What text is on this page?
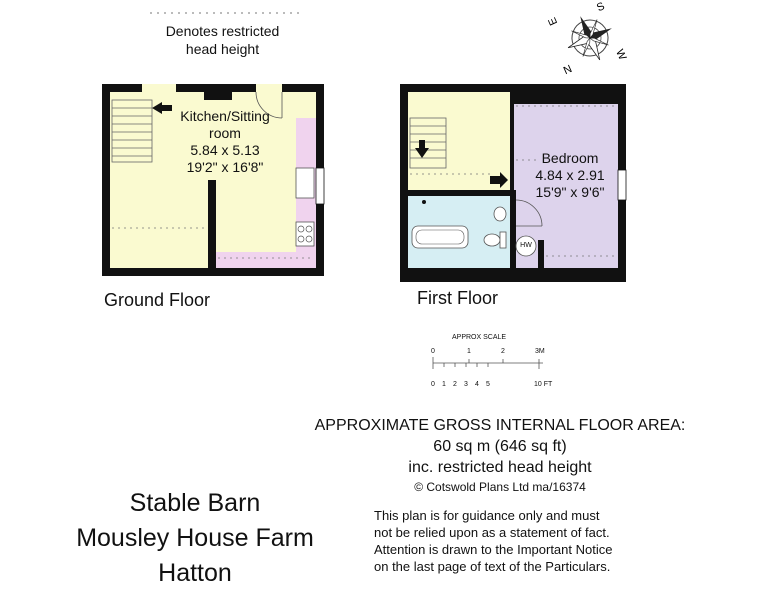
Denotes restricted
head height
S
E
W
N
Kitchen/Sitting
room
5.84 x 5.13
19'2" x 16'8"
Ground Floor
HW
Bedroom
4.84 x 2.91
15'9" x 9'6"
First Floor
APPROX SCALE
0	1	2	3M
0 1 2 3 4 5	10 FT
APPROXIMATE GROSS INTERNAL FLOOR AREA:
60 sq m (646 sq ft)
inc. restricted head height
© Cotswold Plans Ltd ma/16374
Stable Barn
Mousley House Farm
Hatton
This plan is for guidance only and must
not be relied upon as a statement of fact.
Attention is drawn to the Important Notice
on the last page of text of the Particulars.
